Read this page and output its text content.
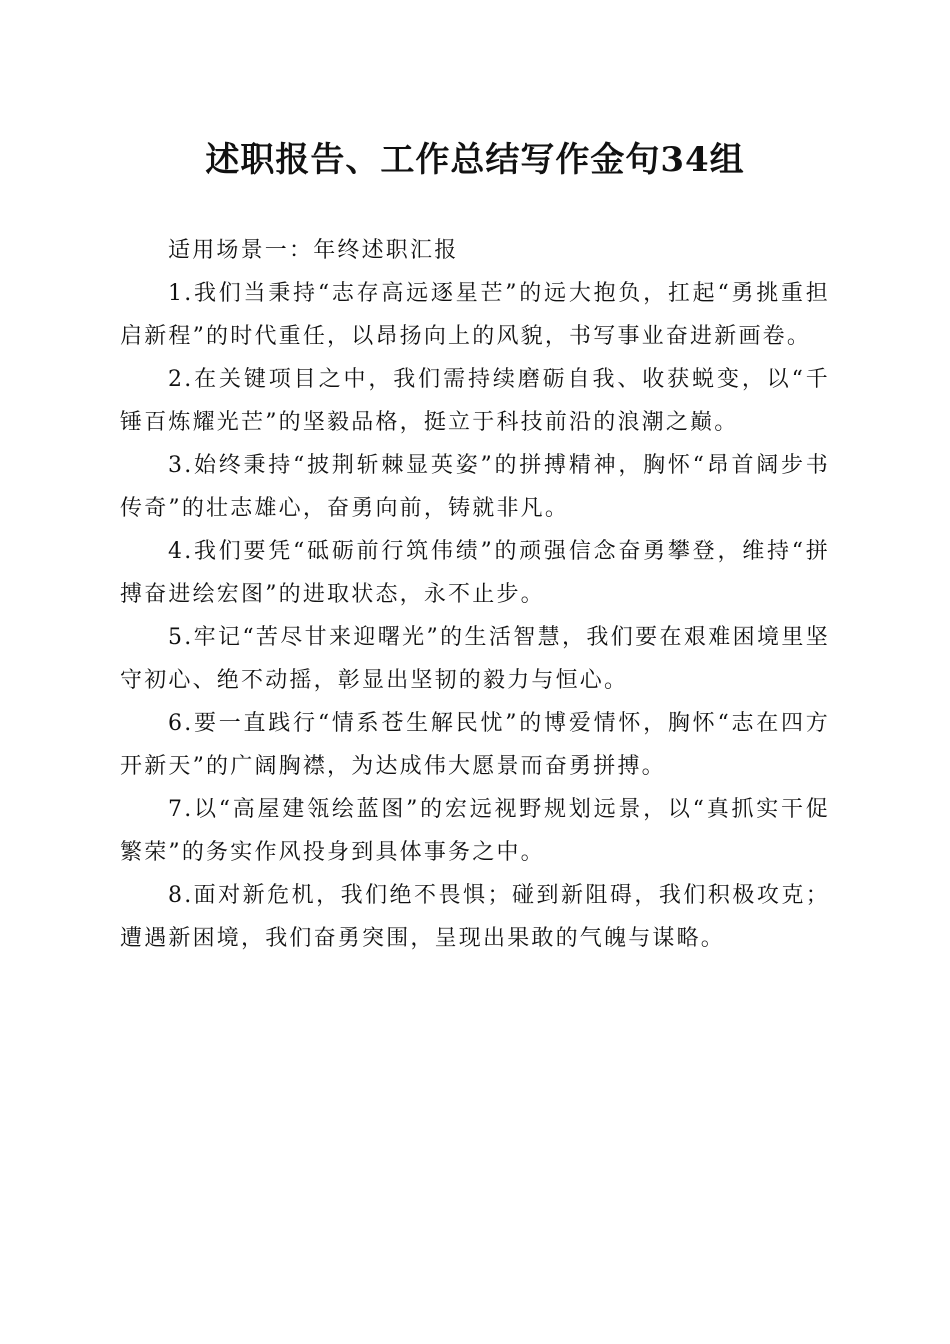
述职报告、工作总结写作金句34组

适用场景一：年终述职汇报

1.我们当秉持“志存高远逐星芒”的远大抱负，扛起“勇挑重担启新程”的时代重任，以昂扬向上的风貌，书写事业奋进新画卷。

2.在关键项目之中，我们需持续磨砺自我、收获蜕变，以“千锤百炼耀光芒”的坚毅品格，挺立于科技前沿的浪潮之巅。

3.始终秉持“披荆斩棘显英姿”的拼搏精神，胸怀“昂首阔步书传奇”的壮志雄心，奋勇向前，铸就非凡。

4.我们要凭“砥砺前行筑伟绩”的顽强信念奋勇攀登，维持“拼搏奋进绘宏图”的进取状态，永不止步。

5.牢记“苦尽甘来迎曙光”的生活智慧，我们要在艰难困境里坚守初心、绝不动摇，彰显出坚韧的毅力与恒心。

6.要一直践行“情系苍生解民忧”的博爱情怀，胸怀“志在四方开新天”的广阔胸襟，为达成伟大愿景而奋勇拼搏。

7.以“高屋建瓴绘蓝图”的宏远视野规划远景，以“真抓实干促繁荣”的务实作风投身到具体事务之中。

8.面对新危机，我们绝不畏惧；碰到新阻碍，我们积极攻克；遭遇新困境，我们奋勇突围，呈现出果敢的气魄与谋略。
